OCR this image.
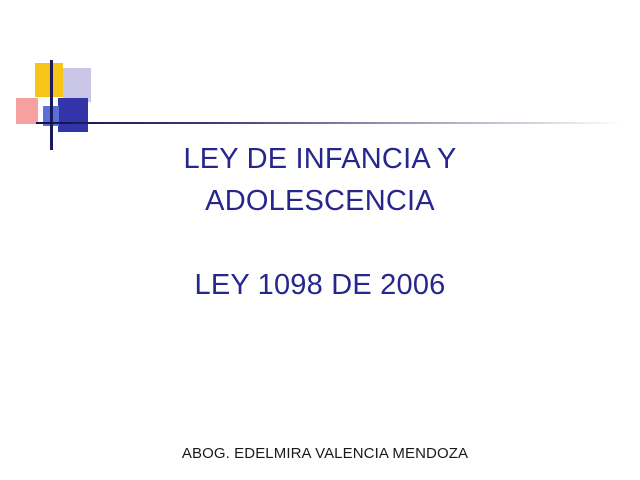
LEY DE INFANCIA Y
ADOLESCENCIA
LEY 1098 DE 2006
ABOG. EDELMIRA VALENCIA MENDOZA
